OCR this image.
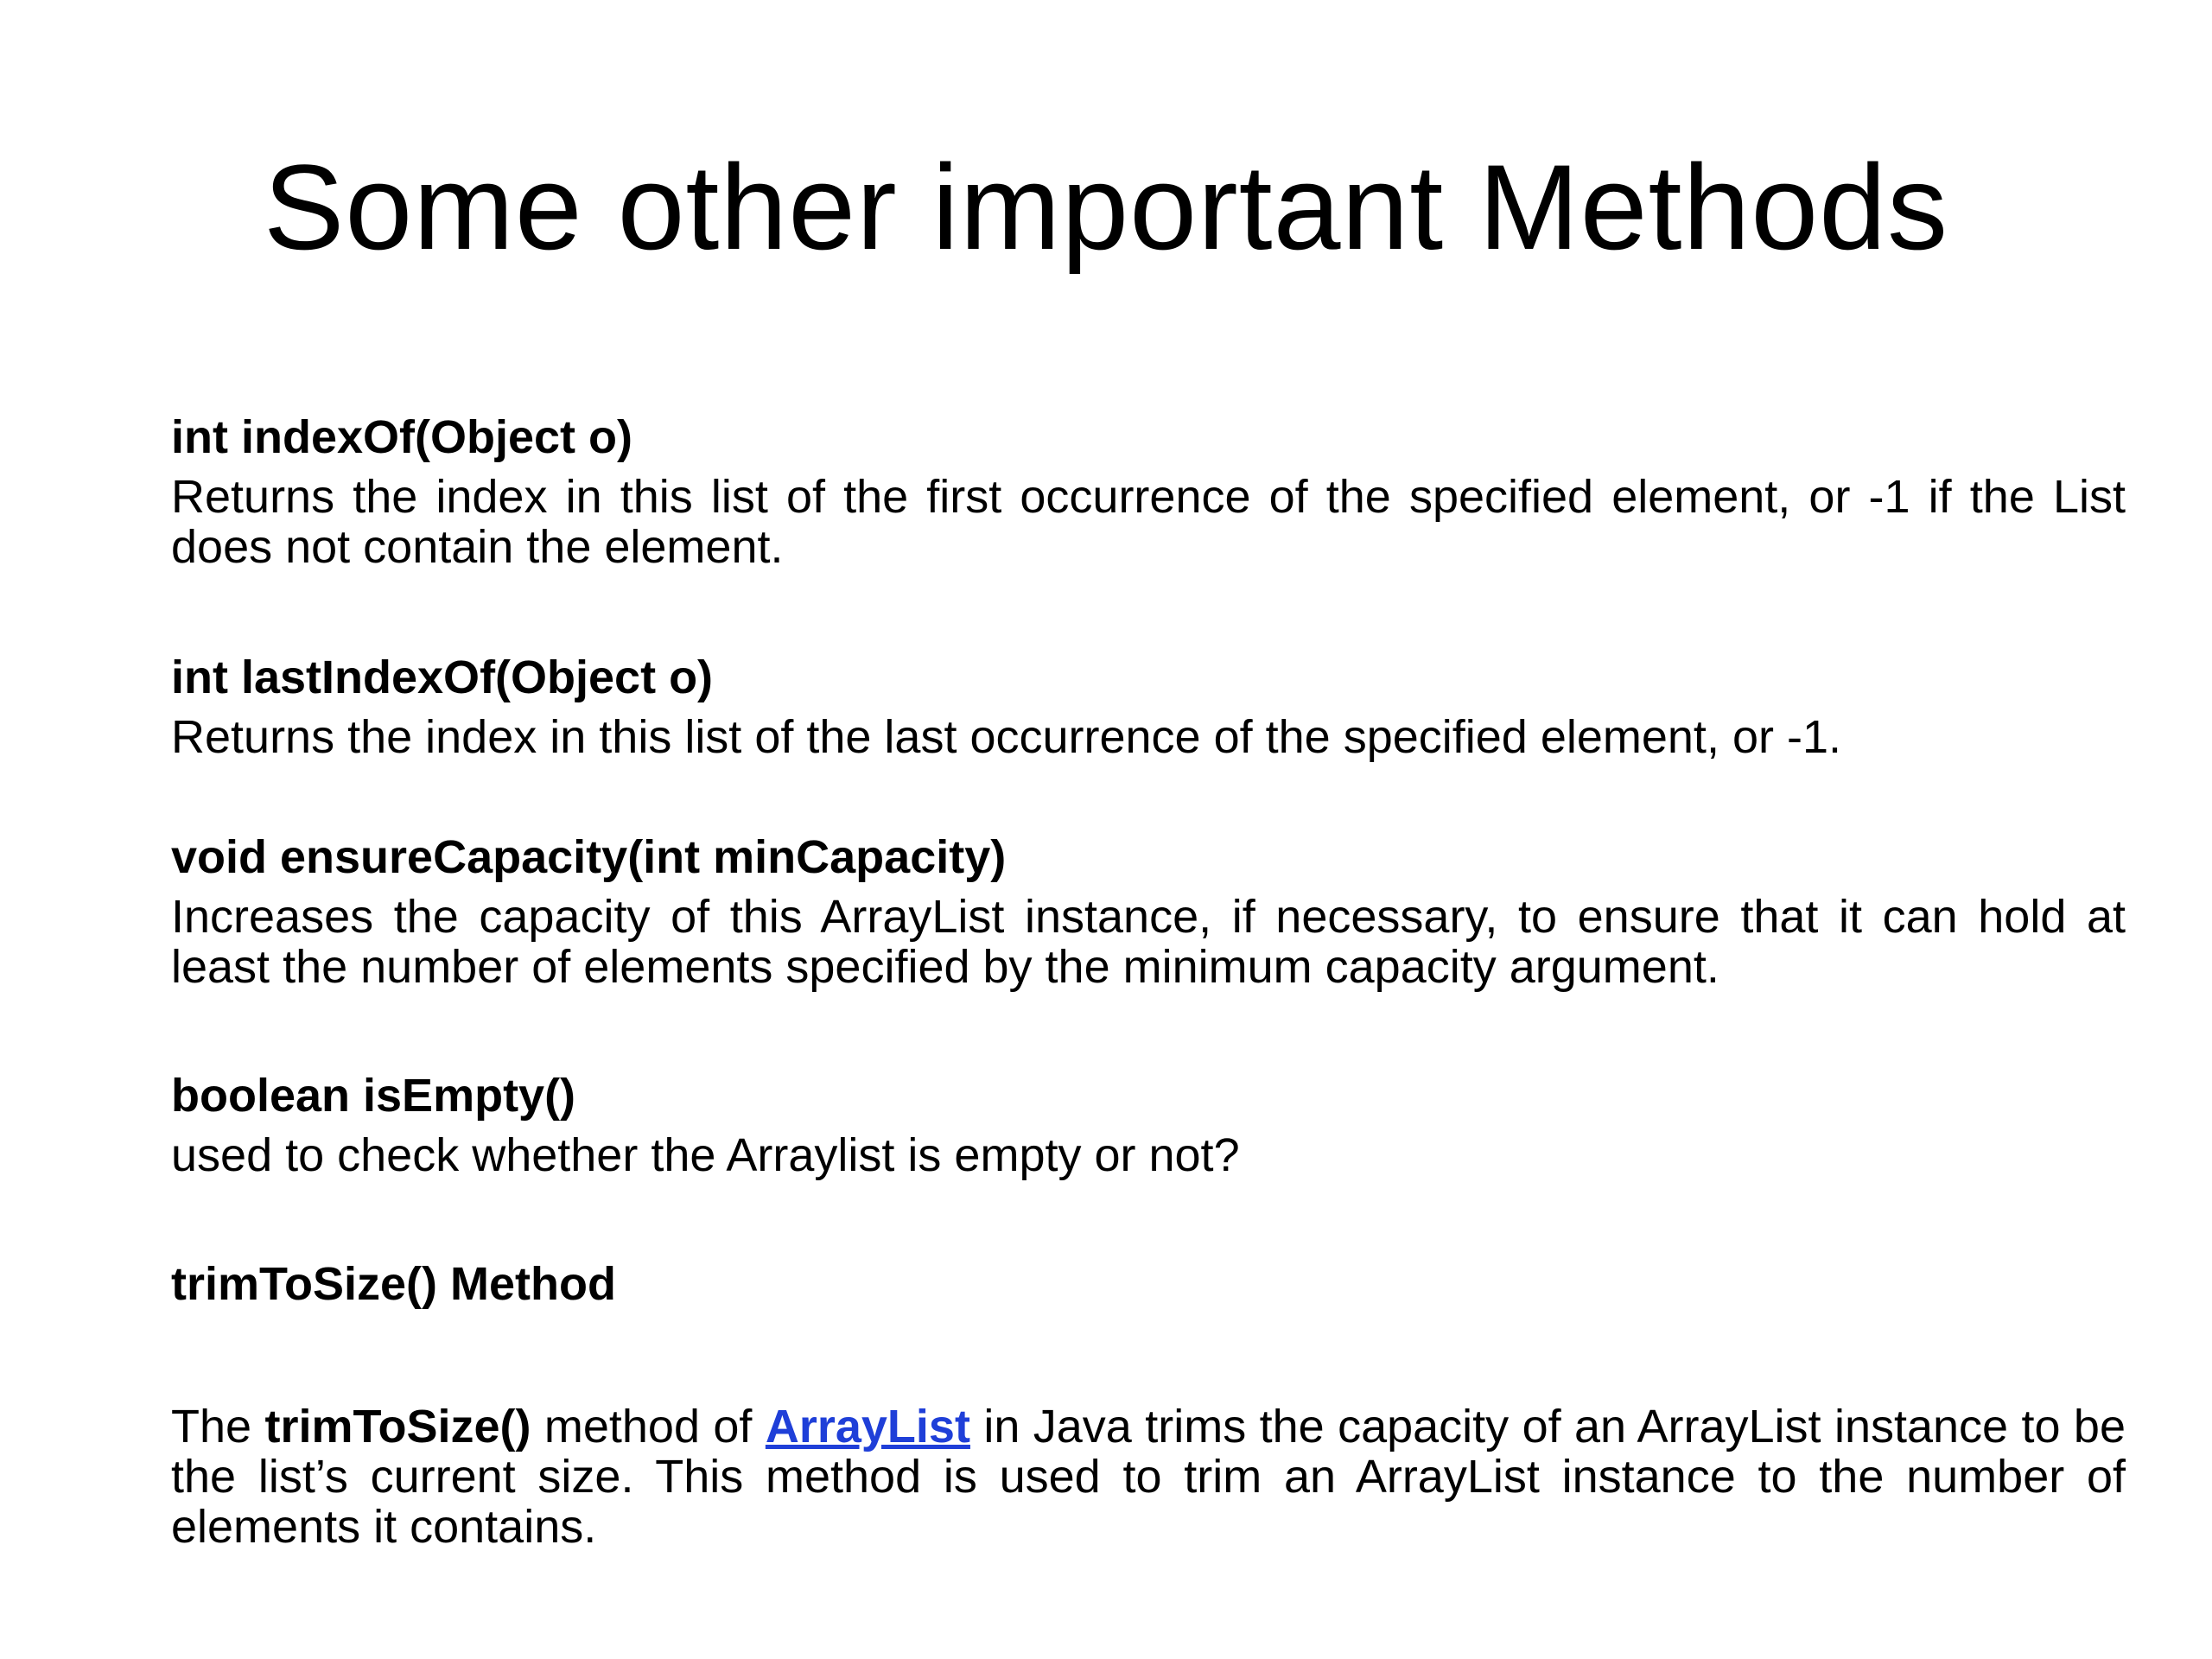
Some other important Methods

int indexOf(Object o)

Returns the index in this list of the first occurrence of the specified element, or -1 if the List does not contain the element.

int lastIndexOf(Object o)

Returns the index in this list of the last occurrence of the specified element, or -1.

void ensureCapacity(int minCapacity)

Increases the capacity of this ArrayList instance, if necessary, to ensure that it can hold at least the number of elements specified by the minimum capacity argument.

boolean isEmpty()

used to check whether the Arraylist is empty or not?

trimToSize() Method

The trimToSize() method of ArrayList in Java trims the capacity of an ArrayList instance to be the list’s current size. This method is used to trim an ArrayList instance to the number of elements it contains.
